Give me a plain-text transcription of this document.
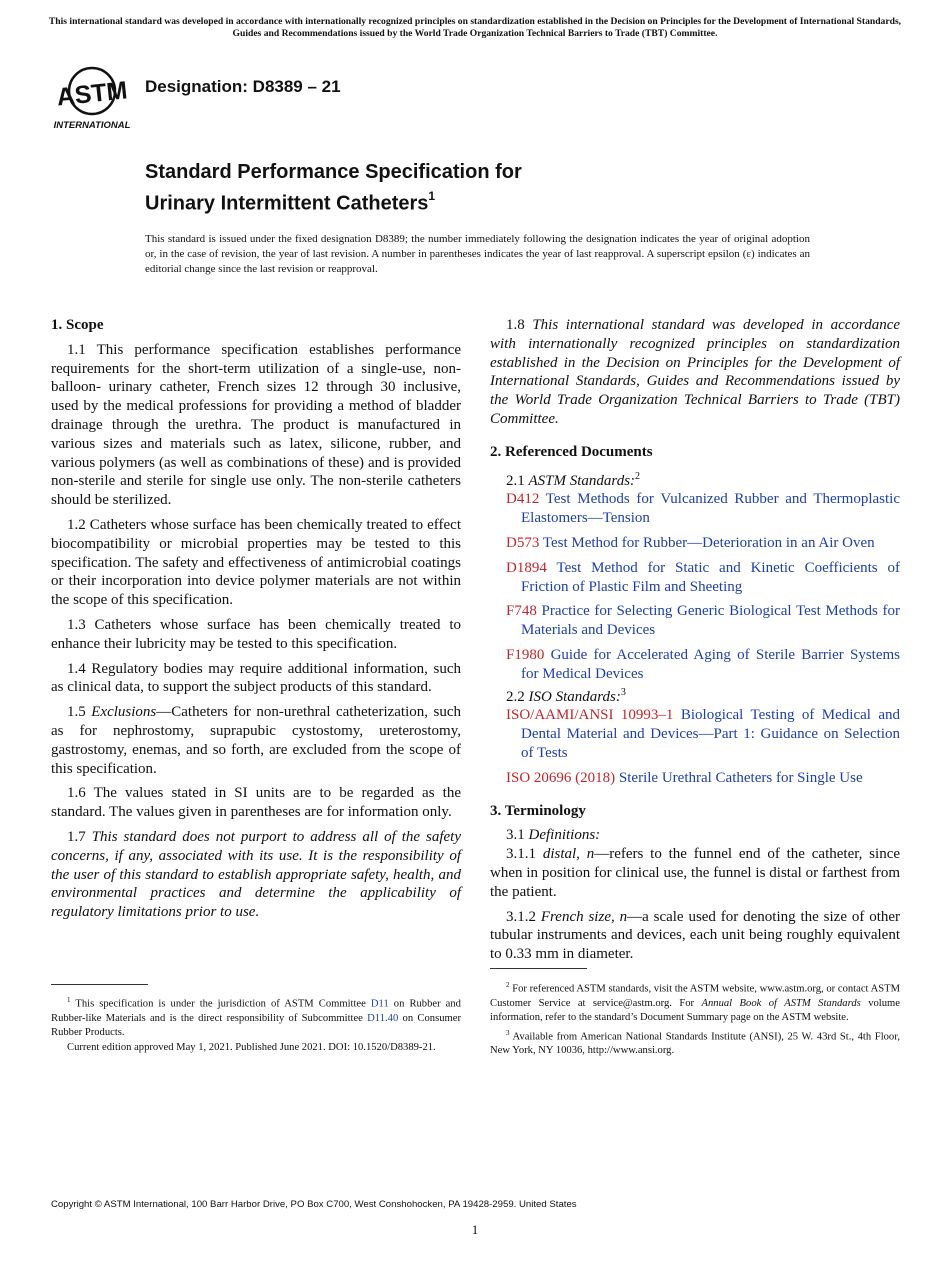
This international standard was developed in accordance with internationally recognized principles on standardization established in the Decision on Principles for the Development of International Standards, Guides and Recommendations issued by the World Trade Organization Technical Barriers to Trade (TBT) Committee.
ASTM
INTERNATIONAL
Designation: D8389 – 21
Standard Performance Specification for
Urinary Intermittent Catheters$^1$
This standard is issued under the fixed designation D8389; the number immediately following the designation indicates the year of original adoption or, in the case of revision, the year of last revision. A number in parentheses indicates the year of last reapproval. A superscript epsilon (ε) indicates an editorial change since the last revision or reapproval.
1. Scope

1.1 This performance specification establishes performance requirements for the short-term utilization of a single-use, non-balloon- urinary catheter, French sizes 12 through 30 inclusive, used by the medical professions for providing a method of bladder drainage through the urethra. The product is manufactured in various sizes and materials such as latex, silicone, rubber, and various polymers (as well as combinations of these) and is provided non-sterile and sterile for single use only. The non-sterile catheters should be sterilized.

1.2 Catheters whose surface has been chemically treated to effect biocompatibility or microbial properties may be tested to this specification. The safety and effectiveness of antimicrobial coatings or their incorporation into device polymer materials are not within the scope of this specification.

1.3 Catheters whose surface has been chemically treated to enhance their lubricity may be tested to this specification.

1.4 Regulatory bodies may require additional information, such as clinical data, to support the subject products of this standard.

1.5 Exclusions—Catheters for non-urethral catheterization, such as for nephrostomy, suprapubic cystostomy, ureterostomy, gastrostomy, enemas, and so forth, are excluded from the scope of this specification.

1.6 The values stated in SI units are to be regarded as the standard. The values given in parentheses are for information only.

1.7 This standard does not purport to address all of the safety concerns, if any, associated with its use. It is the responsibility of the user of this standard to establish appropriate safety, health, and environmental practices and determine the applicability of regulatory limitations prior to use.

1.8 This international standard was developed in accordance with internationally recognized principles on standardization established in the Decision on Principles for the Development of International Standards, Guides and Recommendations issued by the World Trade Organization Technical Barriers to Trade (TBT) Committee.

2. Referenced Documents
2.1 ASTM Standards:$^2$

D412 Test Methods for Vulcanized Rubber and Thermoplastic Elastomers—Tension

D573 Test Method for Rubber—Deterioration in an Air Oven

D1894 Test Method for Static and Kinetic Coefficients of Friction of Plastic Film and Sheeting

F748 Practice for Selecting Generic Biological Test Methods for Materials and Devices

F1980 Guide for Accelerated Aging of Sterile Barrier Systems for Medical Devices

2.2 ISO Standards:$^3$

ISO/AAMI/ANSI 10993–1 Biological Testing of Medical and Dental Material and Devices—Part 1: Guidance on Selection of Tests

ISO 20696 (2018) Sterile Urethral Catheters for Single Use

3. Terminology
3.1 Definitions:

3.1.1 distal, n—refers to the funnel end of the catheter, since when in position for clinical use, the funnel is distal or farthest from the patient.

3.1.2 French size, n—a scale used for denoting the size of other tubular instruments and devices, each unit being roughly equivalent to 0.33 mm in diameter.

$^1$ This specification is under the jurisdiction of ASTM Committee D11 on Rubber and Rubber-like Materials and is the direct responsibility of Subcommittee D11.40 on Consumer Rubber Products.

Current edition approved May 1, 2021. Published June 2021. DOI: 10.1520/D8389-21.

$^2$ For referenced ASTM standards, visit the ASTM website, www.astm.org, or contact ASTM Customer Service at service@astm.org. For Annual Book of ASTM Standards volume information, refer to the standard’s Document Summary page on the ASTM website.

$^3$ Available from American National Standards Institute (ANSI), 25 W. 43rd St., 4th Floor, New York, NY 10036, http://www.ansi.org.

Copyright © ASTM International, 100 Barr Harbor Drive, PO Box C700, West Conshohocken, PA 19428-2959. United States
1
